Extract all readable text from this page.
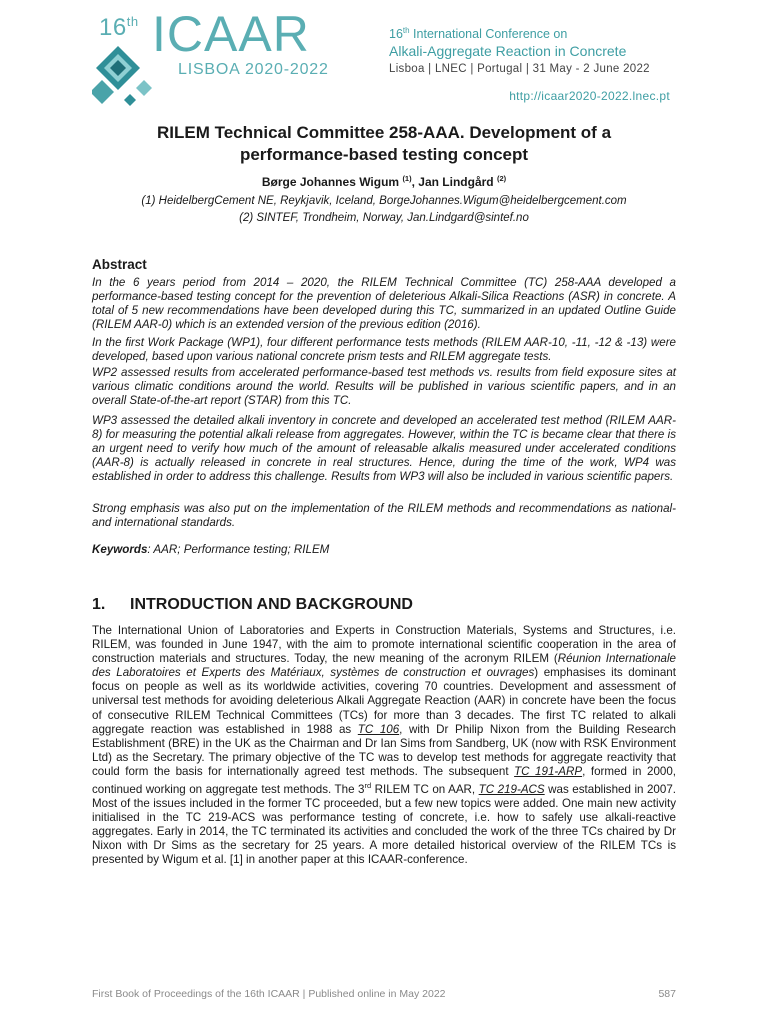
16th ICAAR
LISBOA 2020-2022
16th International Conference on
Alkali-Aggregate Reaction in Concrete
Lisboa | LNEC | Portugal | 31 May - 2 June 2022
http://icaar2020-2022.lnec.pt
RILEM Technical Committee 258-AAA. Development of a
performance-based testing concept
Børge Johannes Wigum $^{(1)}$, Jan Lindgård $^{(2)}$
(1) HeidelbergCement NE, Reykjavik, Iceland, BorgeJohannes.Wigum@heidelbergcement.com
(2) SINTEF, Trondheim, Norway, Jan.Lindgard@sintef.no
Abstract

In the 6 years period from 2014 – 2020, the RILEM Technical Committee (TC) 258-AAA developed a performance-based testing concept for the prevention of deleterious Alkali-Silica Reactions (ASR) in concrete. A total of 5 new recommendations have been developed during this TC, summarized in an updated Outline Guide (RILEM AAR-0) which is an extended version of the previous edition (2016).

In the first Work Package (WP1), four different performance tests methods (RILEM AAR-10, -11, -12 & -13) were developed, based upon various national concrete prism tests and RILEM aggregate tests.

WP2 assessed results from accelerated performance-based test methods vs. results from field exposure sites at various climatic conditions around the world. Results will be published in various scientific papers, and in an overall State-of-the-art report (STAR) from this TC.

WP3 assessed the detailed alkali inventory in concrete and developed an accelerated test method (RILEM AAR-8) for measuring the potential alkali release from aggregates. However, within the TC is became clear that there is an urgent need to verify how much of the amount of releasable alkalis measured under accelerated conditions (AAR-8) is actually released in concrete in real structures. Hence, during the time of the work, WP4 was established in order to address this challenge. Results from WP3 will also be included in various scientific papers.

Strong emphasis was also put on the implementation of the RILEM methods and recommendations as national- and international standards.

Keywords: AAR; Performance testing; RILEM
1. INTRODUCTION AND BACKGROUND

The International Union of Laboratories and Experts in Construction Materials, Systems and Structures, i.e. RILEM, was founded in June 1947, with the aim to promote international scientific cooperation in the area of construction materials and structures. Today, the new meaning of the acronym RILEM (Réunion Internationale des Laboratoires et Experts des Matériaux, systèmes de construction et ouvrages) emphasises its dominant focus on people as well as its worldwide activities, covering 70 countries. Development and assessment of universal test methods for avoiding deleterious Alkali Aggregate Reaction (AAR) in concrete have been the focus of consecutive RILEM Technical Committees (TCs) for more than 3 decades. The first TC related to alkali aggregate reaction was established in 1988 as TC 106, with Dr Philip Nixon from the Building Research Establishment (BRE) in the UK as the Chairman and Dr Ian Sims from Sandberg, UK (now with RSK Environment Ltd) as the Secretary. The primary objective of the TC was to develop test methods for aggregate reactivity that could form the basis for internationally agreed test methods. The subsequent TC 191-ARP, formed in 2000, continued working on aggregate test methods. The 3rd RILEM TC on AAR, TC 219-ACS was established in 2007. Most of the issues included in the former TC proceeded, but a few new topics were added. One main new activity initialised in the TC 219-ACS was performance testing of concrete, i.e. how to safely use alkali-reactive aggregates. Early in 2014, the TC terminated its activities and concluded the work of the three TCs chaired by Dr Nixon with Dr Sims as the secretary for 25 years. A more detailed historical overview of the RILEM TCs is presented by Wigum et al. [1] in another paper at this ICAAR-conference.

First Book of Proceedings of the 16th ICAAR | Published online in May 2022	587
